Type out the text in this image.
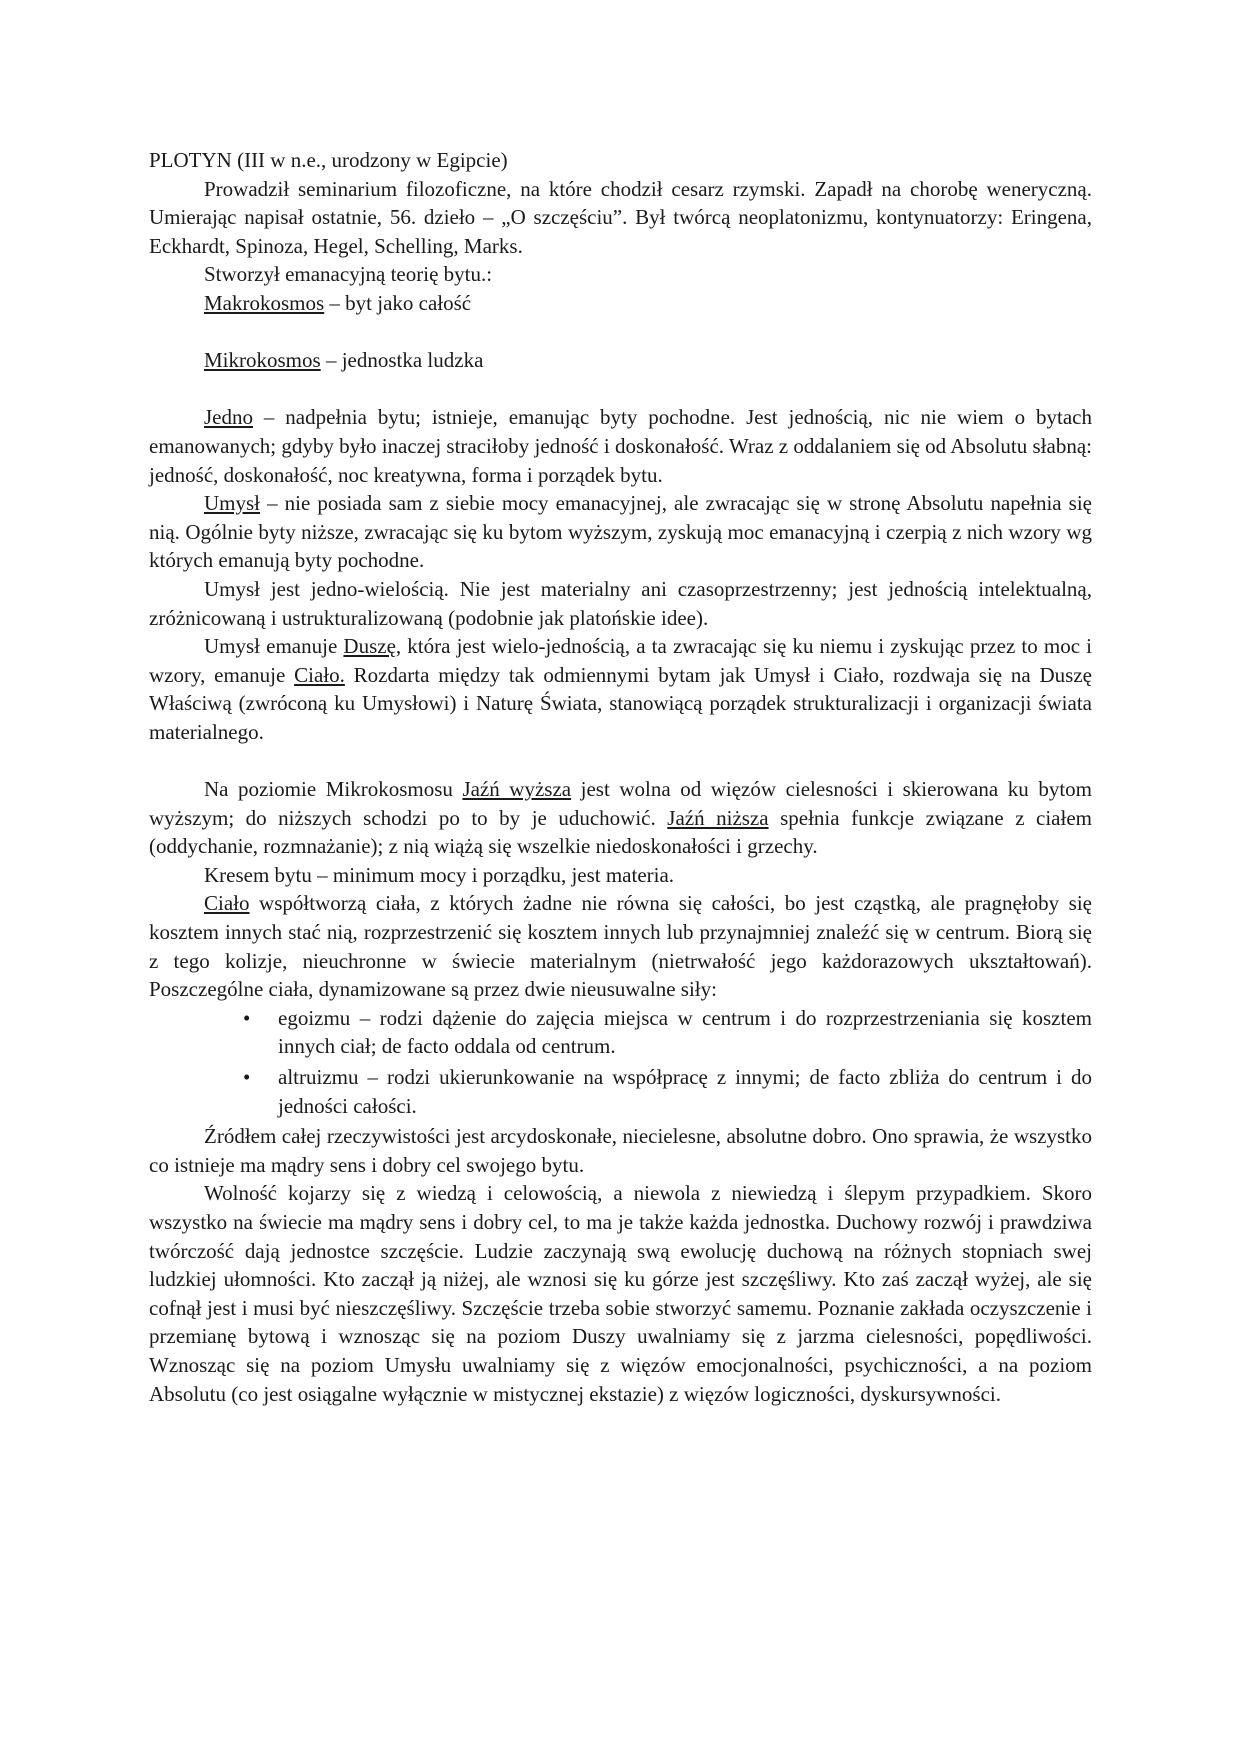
PLOTYN (III w n.e., urodzony w Egipcie)

Prowadził seminarium filozoficzne, na które chodził cesarz rzymski. Zapadł na chorobę weneryczną. Umierając napisał ostatnie, 56. dzieło – „O szczęściu”. Był twórcą neoplatonizmu, kontynuatorzy: Eringena, Eckhardt, Spinoza, Hegel, Schelling, Marks.

Stworzył emanacyjną teorię bytu.:

Makrokosmos – byt jako całość

Mikrokosmos – jednostka ludzka

Jedno – nadpełnia bytu; istnieje, emanując byty pochodne. Jest jednością, nic nie wiem o bytach emanowanych; gdyby było inaczej straciłoby jedność i doskonałość. Wraz z oddalaniem się od Absolutu słabną: jedność, doskonałość, noc kreatywna, forma i porządek bytu.

Umysł – nie posiada sam z siebie mocy emanacyjnej, ale zwracając się w stronę Absolutu napełnia się nią. Ogólnie byty niższe, zwracając się ku bytom wyższym, zyskują moc emanacyjną i czerpią z nich wzory wg których emanują byty pochodne.

Umysł jest jedno-wielością. Nie jest materialny ani czasoprzestrzenny; jest jednością intelektualną, zróżnicowaną i ustrukturalizowaną (podobnie jak platońskie idee).

Umysł emanuje Duszę, która jest wielo-jednością, a ta zwracając się ku niemu i zyskując przez to moc i wzory, emanuje Ciało. Rozdarta między tak odmiennymi bytam jak Umysł i Ciało, rozdwaja się na Duszę Właściwą (zwróconą ku Umysłowi) i Naturę Świata, stanowiącą porządek strukturalizacji i organizacji świata materialnego.

Na poziomie Mikrokosmosu Jaźń wyższa jest wolna od więzów cielesności i skierowana ku bytom wyższym; do niższych schodzi po to by je uduchowić. Jaźń niższa spełnia funkcje związane z ciałem (oddychanie, rozmnażanie); z nią wiążą się wszelkie niedoskonałości i grzechy.

Kresem bytu – minimum mocy i porządku, jest materia.

Ciało współtworzą ciała, z których żadne nie równa się całości, bo jest cząstką, ale pragnęłoby się kosztem innych stać nią, rozprzestrzenić się kosztem innych lub przynajmniej znaleźć się w centrum. Biorą się z tego kolizje, nieuchronne w świecie materialnym (nietrwałość jego każdorazowych ukształtowań). Poszczególne ciała, dynamizowane są przez dwie nieusuwalne siły:

• egoizmu – rodzi dążenie do zajęcia miejsca w centrum i do rozprzestrzeniania się kosztem innych ciał; de facto oddala od centrum.
• altruizmu – rodzi ukierunkowanie na współpracę z innymi; de facto zbliża do centrum i do jedności całości.

Źródłem całej rzeczywistości jest arcydoskonałe, niecielesne, absolutne dobro. Ono sprawia, że wszystko co istnieje ma mądry sens i dobry cel swojego bytu.

Wolność kojarzy się z wiedzą i celowością, a niewola z niewiedzą i ślepym przypadkiem. Skoro wszystko na świecie ma mądry sens i dobry cel, to ma je także każda jednostka. Duchowy rozwój i prawdziwa twórczość dają jednostce szczęście. Ludzie zaczynają swą ewolucję duchową na różnych stopniach swej ludzkiej ułomności. Kto zaczął ją niżej, ale wznosi się ku górze jest szczęśliwy. Kto zaś zaczął wyżej, ale się cofnął jest i musi być nieszczęśliwy. Szczęście trzeba sobie stworzyć samemu. Poznanie zakłada oczyszczenie i przemianę bytową i wznosząc się na poziom Duszy uwalniamy się z jarzma cielesności, popędliwości. Wznosząc się na poziom Umysłu uwalniamy się z więzów emocjonalności, psychiczności, a na poziom Absolutu (co jest osiągalne wyłącznie w mistycznej ekstazie) z więzów logiczności, dyskursywności.
